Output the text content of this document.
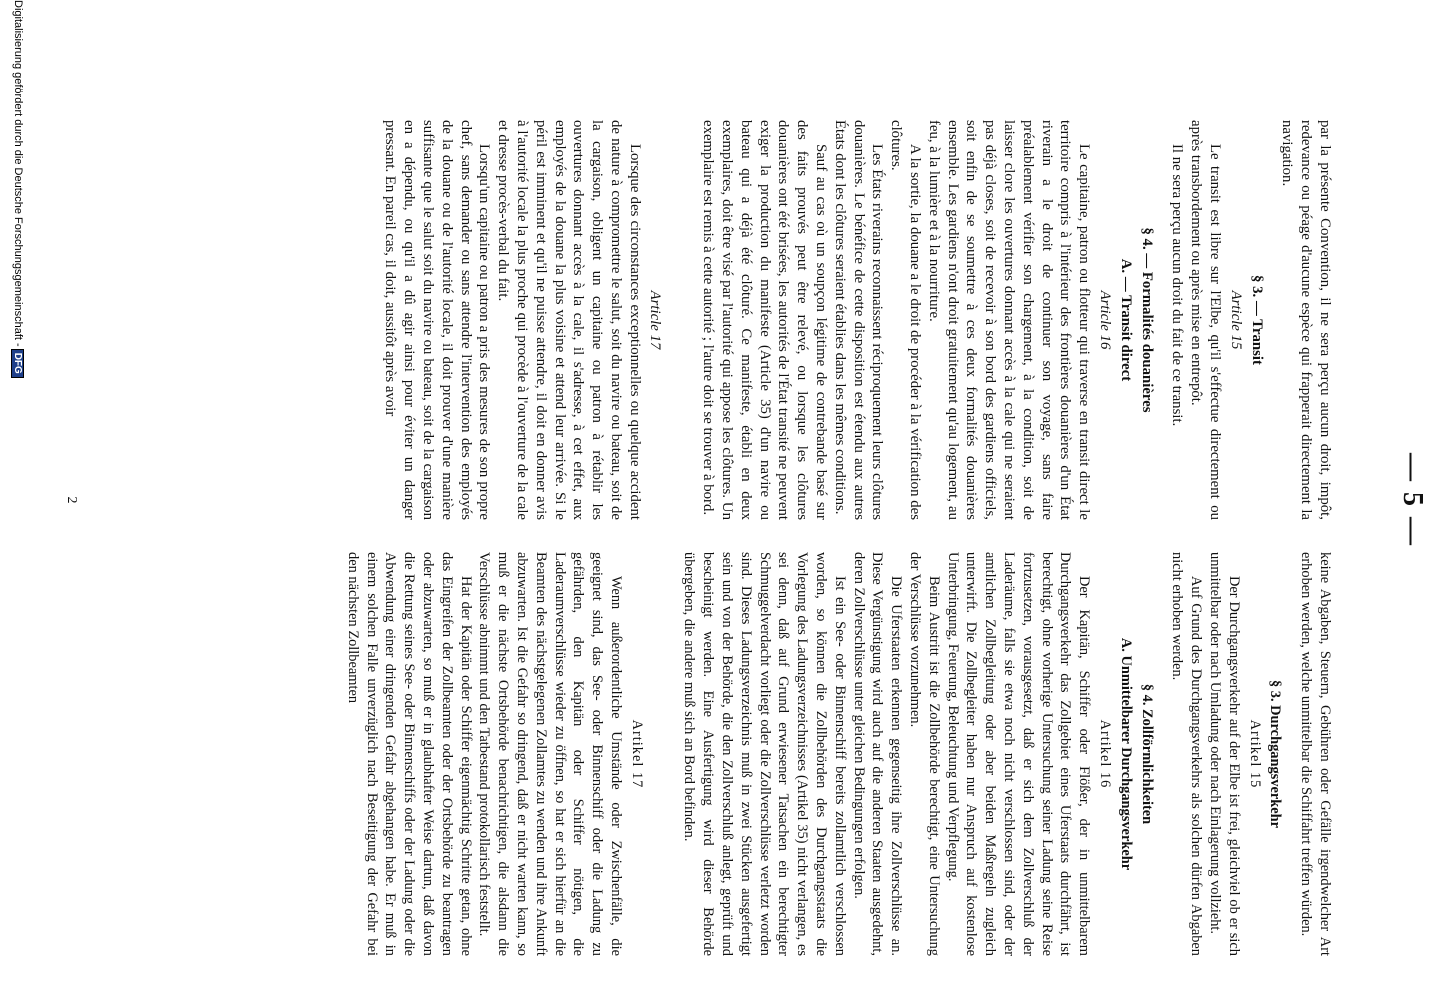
— 5 —

par la présente Convention, il ne sera perçu aucun droit, impôt, redevance ou péage d'aucune espèce qui frapperait directement la navigation.

§ 3. — Transit
Article 15

Le transit est libre sur l'Elbe, qu'il s'effectue directement ou après transbordement ou après mise en entrepôt.

Il ne sera perçu aucun droit du fait de ce transit.

§ 4. — Formalités douanières
A. — Transit direct
Article 16

Le capitaine, patron ou flotteur qui traverse en transit direct le territoire compris à l'intérieur des frontières douanières d'un État riverain a le droit de continuer son voyage, sans faire préalablement vérifier son chargement, à la condition, soit de laisser clore les ouvertures donnant accès à la cale qui ne seraient pas déjà closes, soit de recevoir à son bord des gardiens officiels, soit enfin de se soumettre à ces deux formalités douanières ensemble. Les gardiens n'ont droit gratuitement qu'au logement, au feu, à la lumière et à la nourriture.

A la sortie, la douane a le droit de procéder à la vérification des clôtures.

Les États riverains reconnaissent réciproquement leurs clôtures douanières. Le bénéfice de cette disposition est étendu aux autres États dont les clôtures seraient établies dans les mêmes conditions.

Sauf au cas où un soupçon légitime de contrebande basé sur des faits prouvés peut être relevé, ou lorsque les clôtures douanières ont été brisées, les autorités de l'État transité ne peuvent exiger la production du manifeste (Article 35) d'un navire ou bateau qui a déjà été clôturé. Ce manifeste, établi en deux exemplaires, doit être visé par l'autorité qui appose les clôtures. Un exemplaire est remis à cette autorité ; l'autre doit se trouver à bord.

Article 17

Lorsque des circonstances exceptionnelles ou quelque accident de nature à compromettre le salut, soit du navire ou bateau, soit de la cargaison, obligent un capitaine ou patron à rétablir les ouvertures donnant accès à la cale, il s'adresse, à cet effet, aux employés de la douane la plus voisine et attend leur arrivée. Si le péril est imminent et qu'il ne puisse attendre, il doit en donner avis à l'autorité locale la plus proche qui procède à l'ouverture de la cale et dresse procès-verbal du fait.

Lorsqu'un capitaine ou patron a pris des mesures de son propre chef, sans demander ou sans attendre l'intervention des employés de la douane ou de l'autorité locale, il doit prouver d'une manière suffisante que le salut soit du navire ou bateau, soit de la cargaison en a dépendu, ou qu'il a dû agir ainsi pour éviter un danger pressant. En pareil cas, il doit, aussitôt après avoir

keine Abgaben, Steuern, Gebühren oder Gefälle irgendwelcher Art erhoben werden, welche unmittelbar die Schiffahrt treffen würden.

§ 3. Durchgangsverkehr
Artikel 15

Der Durchgangsverkehr auf der Elbe ist frei, gleichviel ob er sich unmittelbar oder nach Umladung oder nach Einlagerung vollzieht.

Auf Grund des Durchgangsverkehrs als solchen dürfen Abgaben nicht erhoben werden.

§ 4. Zollförmlichkeiten
A. Unmittelbarer Durchgangsverkehr
Artikel 16

Der Kapitän, Schiffer oder Flößer, der in unmittelbarem Durchgangsverkehr das Zollgebiet eines Uferstaats durchfährt, ist berechtigt, ohne vorherige Untersuchung seiner Ladung seine Reise fortzusetzen, vorausgesetzt, daß er sich dem Zollverschluß der Laderäume, falls sie etwa noch nicht verschlossen sind, oder der amtlichen Zollbegleitung oder aber beiden Maßregeln zugleich unterwirft. Die Zollbegleiter haben nur Anspruch auf kostenlose Unterbringung, Feuerung, Beleuchtung und Verpflegung.

Beim Austritt ist die Zollbehörde berechtigt, eine Untersuchung der Verschlüsse vorzunehmen.

Die Uferstaaten erkennen gegenseitig ihre Zollverschlüsse an. Diese Vergünstigung wird auch auf die anderen Staaten ausgedehnt, deren Zollverschlüsse unter gleichen Bedingungen erfolgen.

Ist ein See- oder Binnenschiff bereits zollamtlich verschlossen worden, so können die Zollbehörden des Durchgangsstaats die Vorlegung des Ladungsverzeichnisses (Artikel 35) nicht verlangen, es sei denn, daß auf Grund erwiesener Tatsachen ein berechtigter Schmuggelverdacht vorliegt oder die Zollverschlüsse verletzt worden sind. Dieses Ladungsverzeichnis muß in zwei Stücken ausgefertigt sein und von der Behörde, die den Zollverschluß anlegt, geprüft und bescheinigt werden. Eine Ausfertigung wird dieser Behörde übergeben, die andere muß sich an Bord befinden.

Artikel 17

Wenn außerordentliche Umstände oder Zwischenfälle, die geeignet sind, das See- oder Binnenschiff oder die Ladung zu gefährden, den Kapitän oder Schiffer nötigen, die Laderaumverschlüsse wieder zu öffnen, so hat er sich hierfür an die Beamten des nächstgelegenen Zollamtes zu wenden und ihre Ankunft abzuwarten. Ist die Gefahr so dringend, daß er nicht warten kann, so muß er die nächste Ortsbehörde benachrichtigen, die alsdann die Verschlüsse abnimmt und den Tatbestand protokollarisch feststellt.

Hat der Kapitän oder Schiffer eigenmächtig Schritte getan, ohne das Eingreifen der Zollbeamten oder der Ortsbehörde zu beantragen oder abzuwarten, so muß er in glaubhafter Weise dartun, daß davon die Rettung seines See- oder Binnenschiffs oder der Ladung oder die Abwendung einer dringenden Gefahr abgehangen habe. Er muß in einem solchen Falle unverzüglich nach Beseitigung der Gefahr bei den nächsten Zollbeamten

2
Digitalisierung gefördert durch die Deutsche Forschungsgemeinschaft -DFG
